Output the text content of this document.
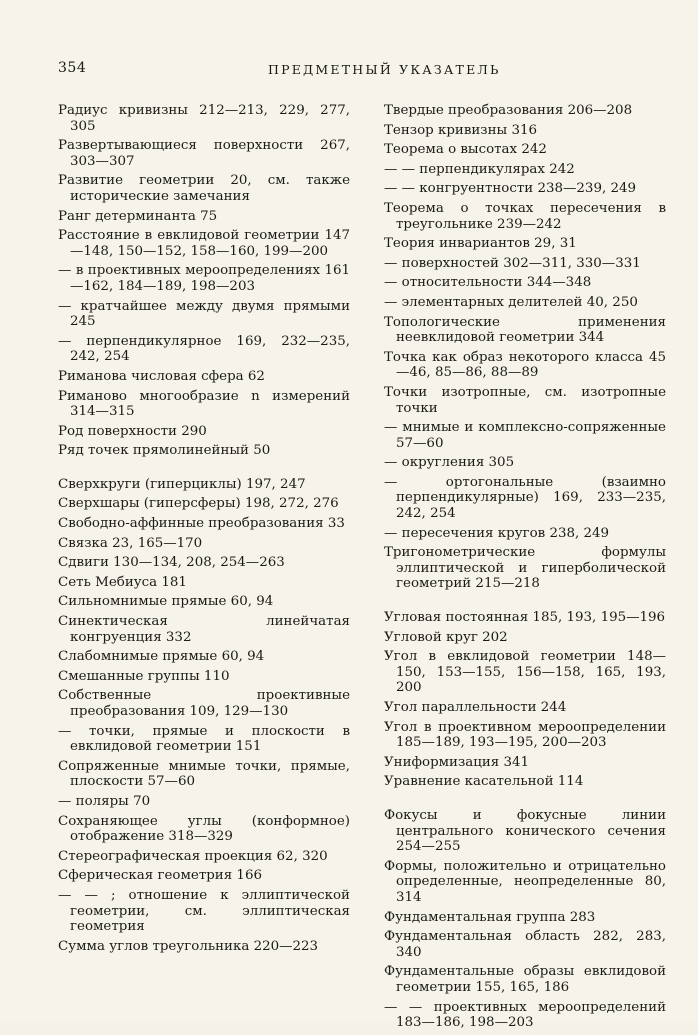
354	ПРЕДМЕТНЫЙ УКАЗАТЕЛЬ
Радиус кривизны 212—213, 229, 277, 305
Развертывающиеся поверхности 267, 303—307
Развитие геометрии 20, см. также исторические замечания
Ранг детерминанта 75
Расстояние в евклидовой геометрии 147—148, 150—152, 158—160, 199—200
— в проективных мероопределениях 161—162, 184—189, 198—203
— кратчайшее между двумя прямыми 245
— перпендикулярное 169, 232—235, 242, 254
Риманова числовая сфера 62
Риманово многообразие n измерений 314—315
Род поверхности 290
Ряд точек прямолинейный 50
Сверхкруги (гиперциклы) 197, 247
Сверхшары (гиперсферы) 198, 272, 276
Свободно-аффинные преобразования 33
Связка 23, 165—170
Сдвиги 130—134, 208, 254—263
Сеть Мебиуса 181
Сильномнимые прямые 60, 94
Синектическая линейчатая конгруенция 332
Слабомнимые прямые 60, 94
Смешанные группы 110
Собственные проективные преобразования 109, 129—130
— точки, прямые и плоскости в евклидовой геометрии 151
Сопряженные мнимые точки, прямые, плоскости 57—60
— поляры 70
Сохраняющее углы (конформное) отображение 318—329
Стереографическая проекция 62, 320
Сферическая геометрия 166
— — ; отношение к эллиптической геометрии, см. эллиптическая геометрия
Сумма углов треугольника 220—223
Твердые преобразования 206—208
Тензор кривизны 316
Теорема о высотах 242
— — перпендикулярах 242
— — конгруентности 238—239, 249
Теорема о точках пересечения в треугольнике 239—242
Теория инвариантов 29, 31
— поверхностей 302—311, 330—331
— относительности 344—348
— элементарных делителей 40, 250
Топологические применения неевклидовой геометрии 344
Точка как образ некоторого класса 45—46, 85—86, 88—89
Точки изотропные, см. изотропные точки
— мнимые и комплексно-сопряженные 57—60
— округления 305
— ортогональные (взаимно перпендикулярные) 169, 233—235, 242, 254
— пересечения кругов 238, 249
Тригонометрические формулы эллиптической и гиперболической геометрий 215—218
Угловая постоянная 185, 193, 195—196
Угловой круг 202
Угол в евклидовой геометрии 148—150, 153—155, 156—158, 165, 193, 200
Угол параллельности 244
Угол в проективном мероопределении 185—189, 193—195, 200—203
Униформизация 341
Уравнение касательной 114
Фокусы и фокусные линии центрального конического сечения 254—255
Формы, положительно и отрицательно определенные, неопределенные 80, 314
Фундаментальная группа 283
Фундаментальная область 282, 283, 340
Фундаментальные образы евклидовой геометрии 155, 165, 186
— — проективных мероопределений 183—186, 198—203
